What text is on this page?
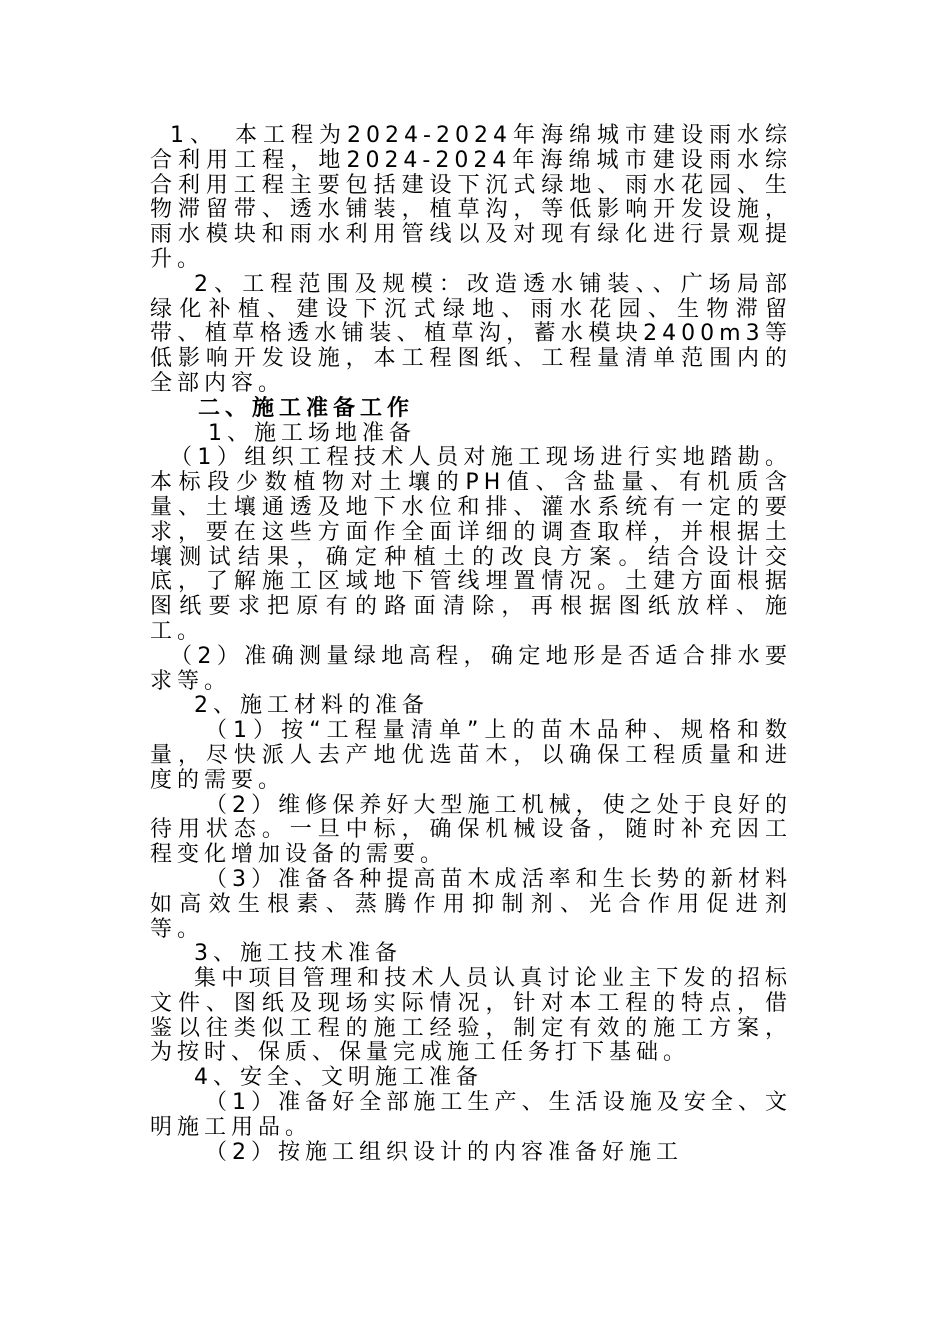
1、　本工程为2024-2024年海绵城市建设雨水综合利用工程，地2024-2024年海绵城市建设雨水综合利用工程主要包括建设下沉式绿地、雨水花园、生物滞留带、透水铺装，植草沟，等低影响开发设施，雨水模块和雨水利用管线以及对现有绿化进行景观提升。

2、工程范围及规模：改造透水铺装、、广场局部绿化补植、建设下沉式绿地、雨水花园、生物滞留带、植草格透水铺装、植草沟，蓄水模块2400m3等低影响开发设施，本工程图纸、工程量清单范围内的全部内容。

二、施工准备工作

1、施工场地准备

（1）组织工程技术人员对施工现场进行实地踏勘。本标段少数植物对土壤的PH值、含盐量、有机质含量、土壤通透及地下水位和排、灌水系统有一定的要求，要在这些方面作全面详细的调查取样，并根据土壤测试结果，确定种植土的改良方案。结合设计交底，了解施工区域地下管线埋置情况。土建方面根据图纸要求把原有的路面清除，再根据图纸放样、施工。

（2）准确测量绿地高程，确定地形是否适合排水要求等。

2、施工材料的准备

（1）按“工程量清单”上的苗木品种、规格和数量，尽快派人去产地优选苗木，以确保工程质量和进度的需要。

（2）维修保养好大型施工机械，使之处于良好的待用状态。一旦中标，确保机械设备，随时补充因工程变化增加设备的需要。

（3）准备各种提高苗木成活率和生长势的新材料如高效生根素、蒸腾作用抑制剂、光合作用促进剂等。

3、施工技术准备

集中项目管理和技术人员认真讨论业主下发的招标文件、图纸及现场实际情况，针对本工程的特点，借鉴以往类似工程的施工经验，制定有效的施工方案，为按时、保质、保量完成施工任务打下基础。

4、安全、文明施工准备

（1）准备好全部施工生产、生活设施及安全、文明施工用品。

（2）按施工组织设计的内容准备好施工
